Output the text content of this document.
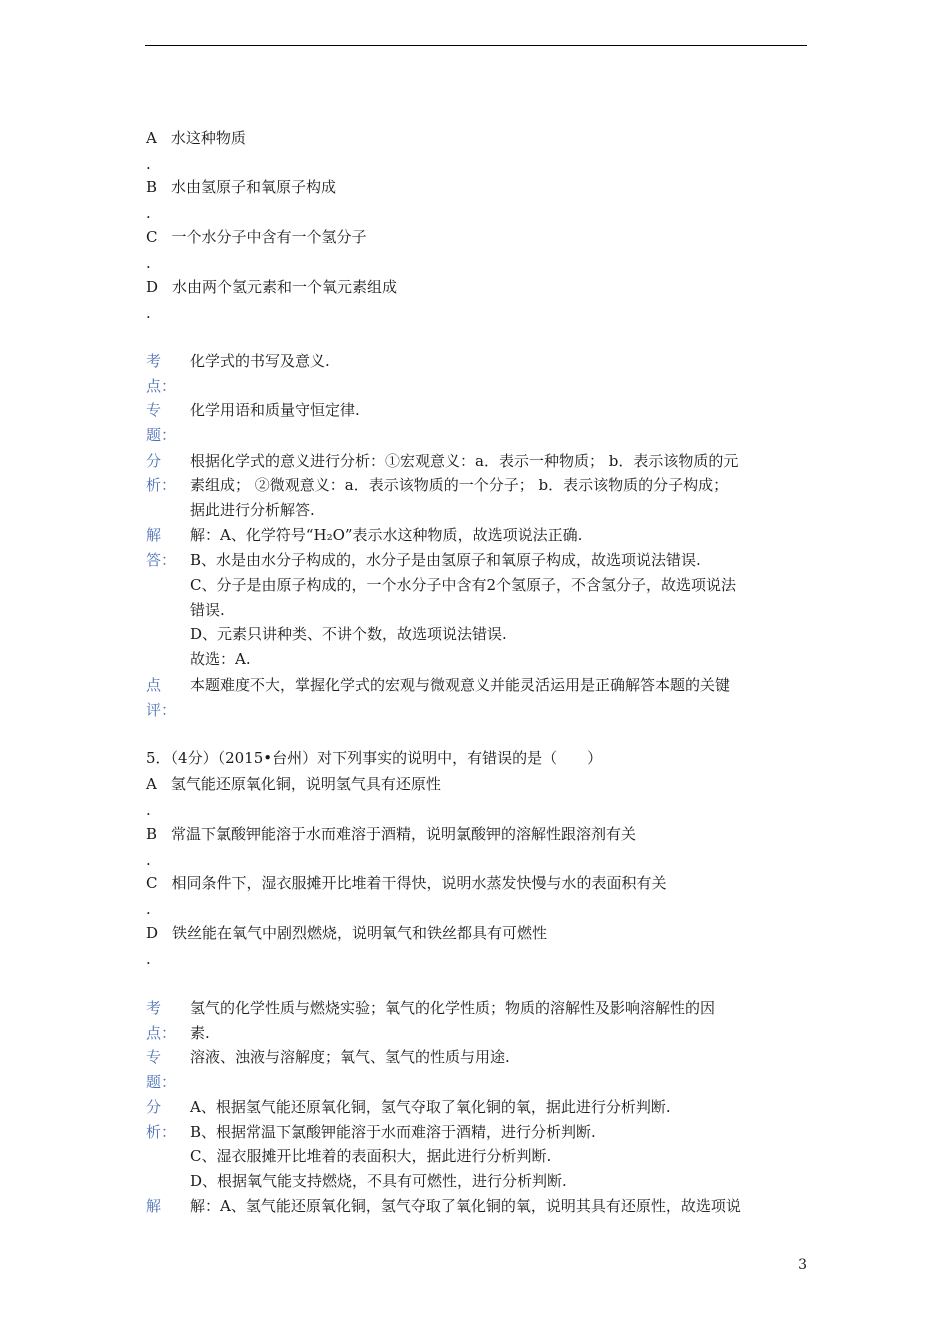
A 水这种物质
.
B 水由氢原子和氧原子构成
.
C 一个水分子中含有一个氢分子
.
D 水由两个氢元素和一个氧元素组成
.
考
点：
化学式的书写及意义.
专
题：
化学用语和质量守恒定律.
分
析：
根据化学式的意义进行分析：①宏观意义：a．表示一种物质； b．表示该物质的元
素组成； ②微观意义：a．表示该物质的一个分子； b．表示该物质的分子构成；
据此进行分析解答.
解
答：
解：A、化学符号“H₂O”表示水这种物质，故选项说法正确.
B、水是由水分子构成的，水分子是由氢原子和氧原子构成，故选项说法错误.
C、分子是由原子构成的，一个水分子中含有2个氢原子，不含氢分子，故选项说法
错误.
D、元素只讲种类、不讲个数，故选项说法错误.
故选：A.
点
评：
本题难度不大，掌握化学式的宏观与微观意义并能灵活运用是正确解答本题的关键
5．（4分）（2015•台州）对下列事实的说明中，有错误的是（　　）
A 氢气能还原氧化铜，说明氢气具有还原性
.
B 常温下氯酸钾能溶于水而难溶于酒精，说明氯酸钾的溶解性跟溶剂有关
.
C 相同条件下，湿衣服摊开比堆着干得快，说明水蒸发快慢与水的表面积有关
.
D 铁丝能在氧气中剧烈燃烧，说明氧气和铁丝都具有可燃性
.
考
点：
氢气的化学性质与燃烧实验；氧气的化学性质；物质的溶解性及影响溶解性的因
素.
专
题：
溶液、浊液与溶解度；氧气、氢气的性质与用途.
分
析：
A、根据氢气能还原氧化铜，氢气夺取了氧化铜的氧，据此进行分析判断.
B、根据常温下氯酸钾能溶于水而难溶于酒精，进行分析判断.
C、湿衣服摊开比堆着的表面积大，据此进行分析判断.
D、根据氧气能支持燃烧，不具有可燃性，进行分析判断.
解 解：A、氢气能还原氧化铜，氢气夺取了氧化铜的氧，说明其具有还原性，故选项说
3
